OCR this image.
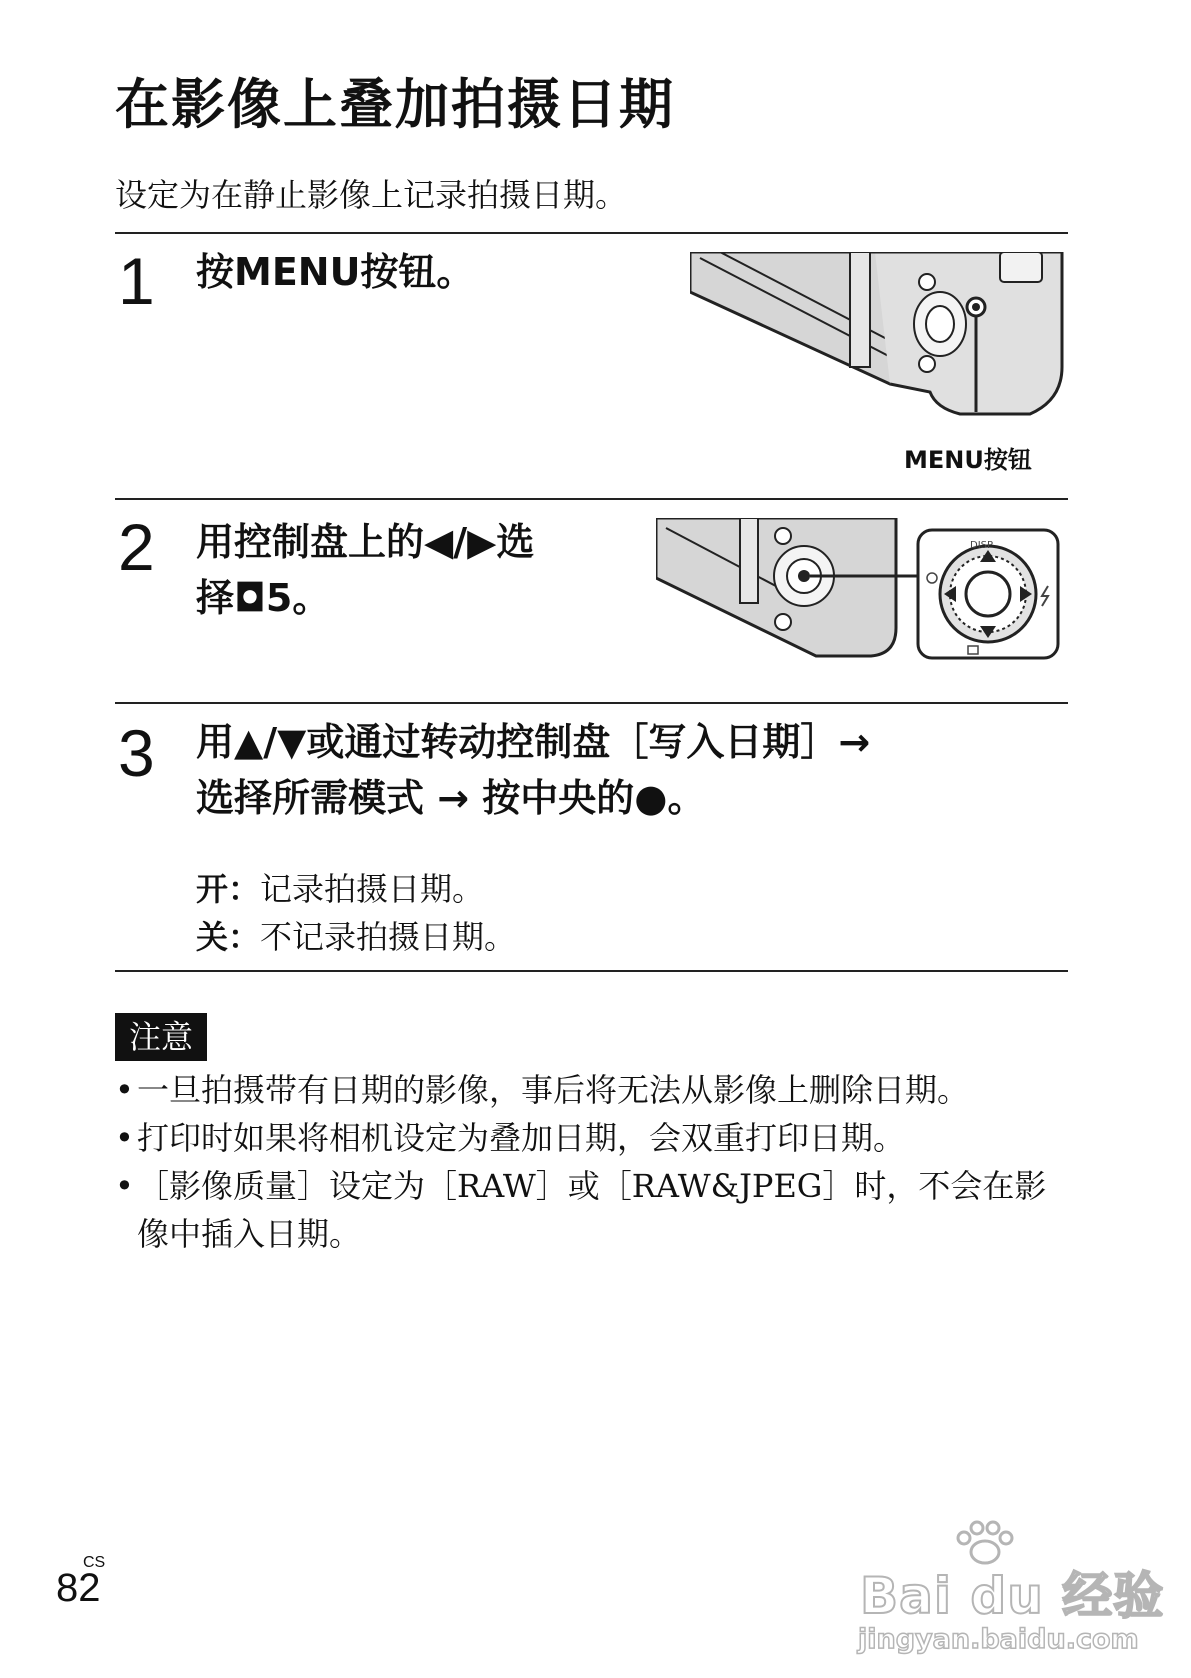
在影像上叠加拍摄日期
设定为在静止影像上记录拍摄日期。
1 按MENU按钮。
MENU按钮
2 用控制盘上的◀/▶选
择◘5。
DISP
3 用▲/▼或通过转动控制盘［写入日期］→
选择所需模式 → 按中央的●。
开：记录拍摄日期。
关：不记录拍摄日期。
注意
• 一旦拍摄带有日期的影像，事后将无法从影像上删除日期。
• 打印时如果将相机设定为叠加日期，会双重打印日期。
• ［影像质量］设定为［RAW］或［RAW&JPEG］时，不会在影像中插入日期。
CS
82	Bai du 经验
jingyan.baidu.com
